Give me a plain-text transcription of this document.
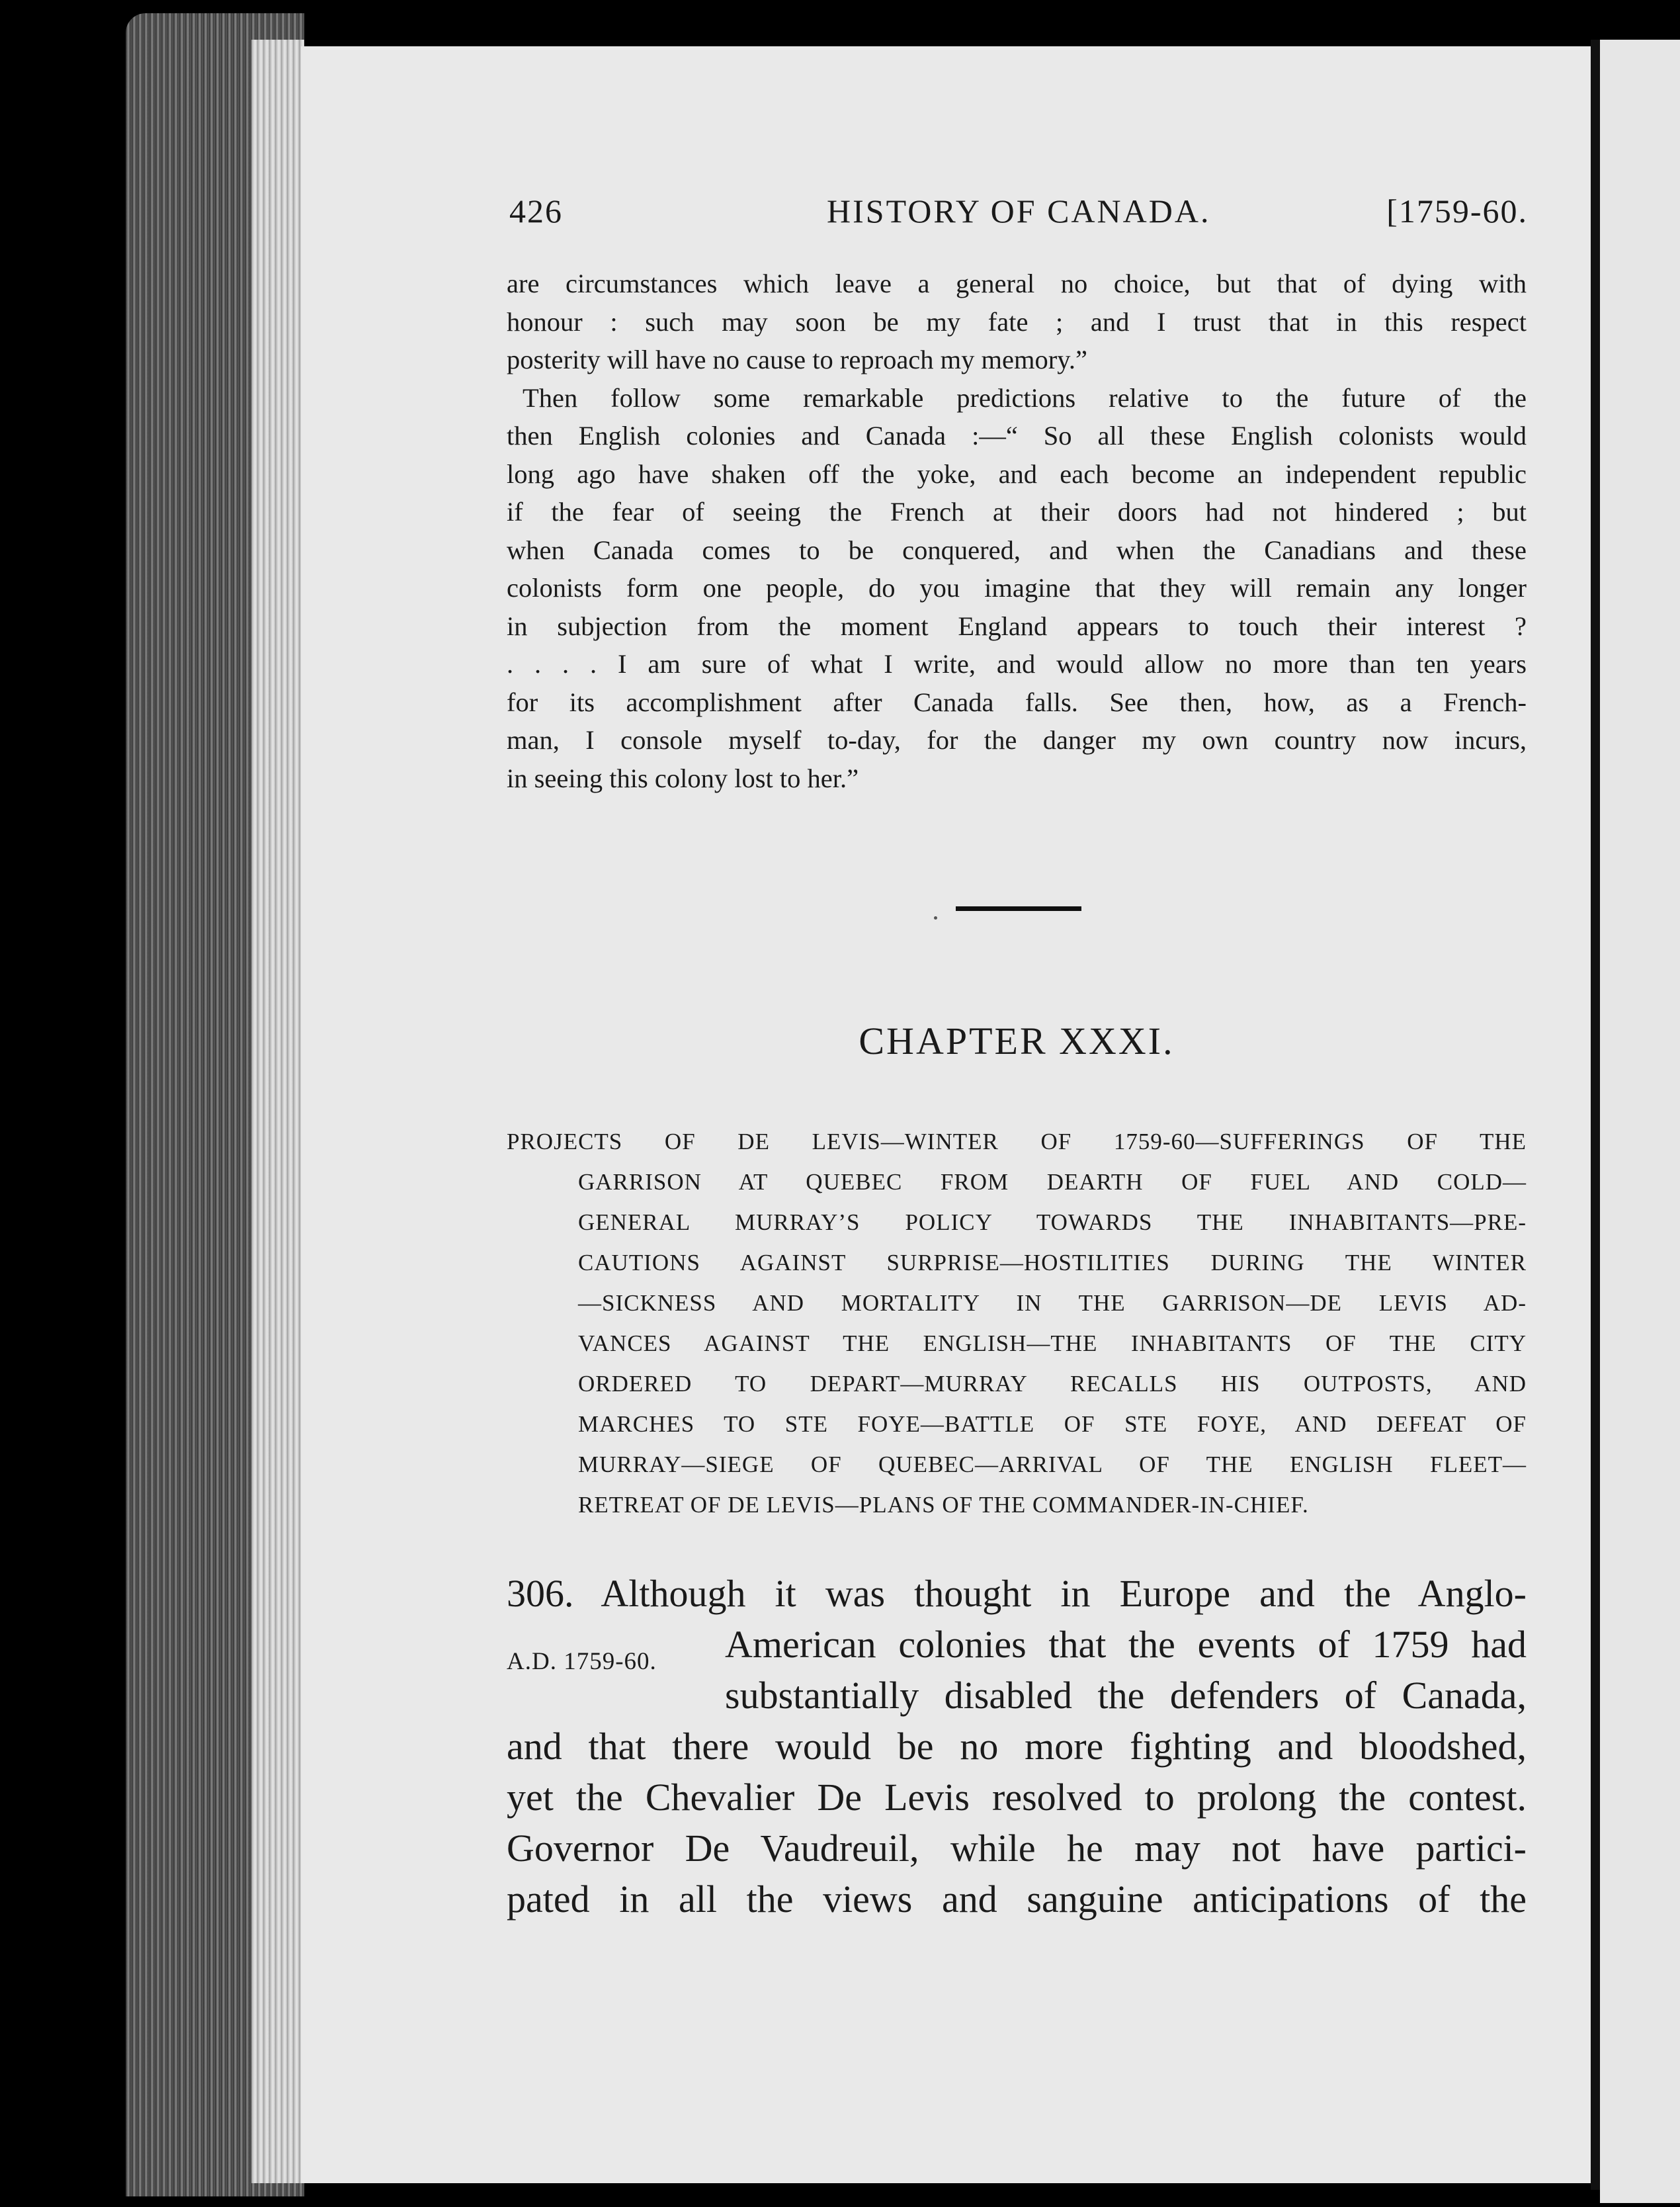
426	HISTORY OF CANADA.	[1759-60.
are circumstances which leave a general no choice, but that of dying with
honour : such may soon be my fate ; and I trust that in this respect
posterity will have no cause to reproach my memory.”
Then follow some remarkable predictions relative to the future of the
then English colonies and Canada :—“ So all these English colonists would
long ago have shaken off the yoke, and each become an independent republic
if the fear of seeing the French at their doors had not hindered ; but
when Canada comes to be conquered, and when the Canadians and these
colonists form one people, do you imagine that they will remain any longer
in subjection from the moment England appears to touch their interest ?
. . . . I am sure of what I write, and would allow no more than ten years
for its accomplishment after Canada falls. See then, how, as a French-
man, I console myself to-day, for the danger my own country now incurs,
in seeing this colony lost to her.”
CHAPTER XXXI.
PROJECTS OF DE LEVIS—WINTER OF 1759-60—SUFFERINGS OF THE
GARRISON AT QUEBEC FROM DEARTH OF FUEL AND COLD—
GENERAL MURRAY’S POLICY TOWARDS THE INHABITANTS—PRE-
CAUTIONS AGAINST SURPRISE—HOSTILITIES DURING THE WINTER
—SICKNESS AND MORTALITY IN THE GARRISON—DE LEVIS AD-
VANCES AGAINST THE ENGLISH—THE INHABITANTS OF THE CITY
ORDERED TO DEPART—MURRAY RECALLS HIS OUTPOSTS, AND
MARCHES TO STE FOYE—BATTLE OF STE FOYE, AND DEFEAT OF
MURRAY—SIEGE OF QUEBEC—ARRIVAL OF THE ENGLISH FLEET—
RETREAT OF DE LEVIS—PLANS OF THE COMMANDER-IN-CHIEF.
A.D. 1759-60.
306. Although it was thought in Europe and the Anglo-
American colonies that the events of 1759 had
substantially disabled the defenders of Canada,
and that there would be no more fighting and bloodshed,
yet the Chevalier De Levis resolved to prolong the contest.
Governor De Vaudreuil, while he may not have partici-
pated in all the views and sanguine anticipations of the
